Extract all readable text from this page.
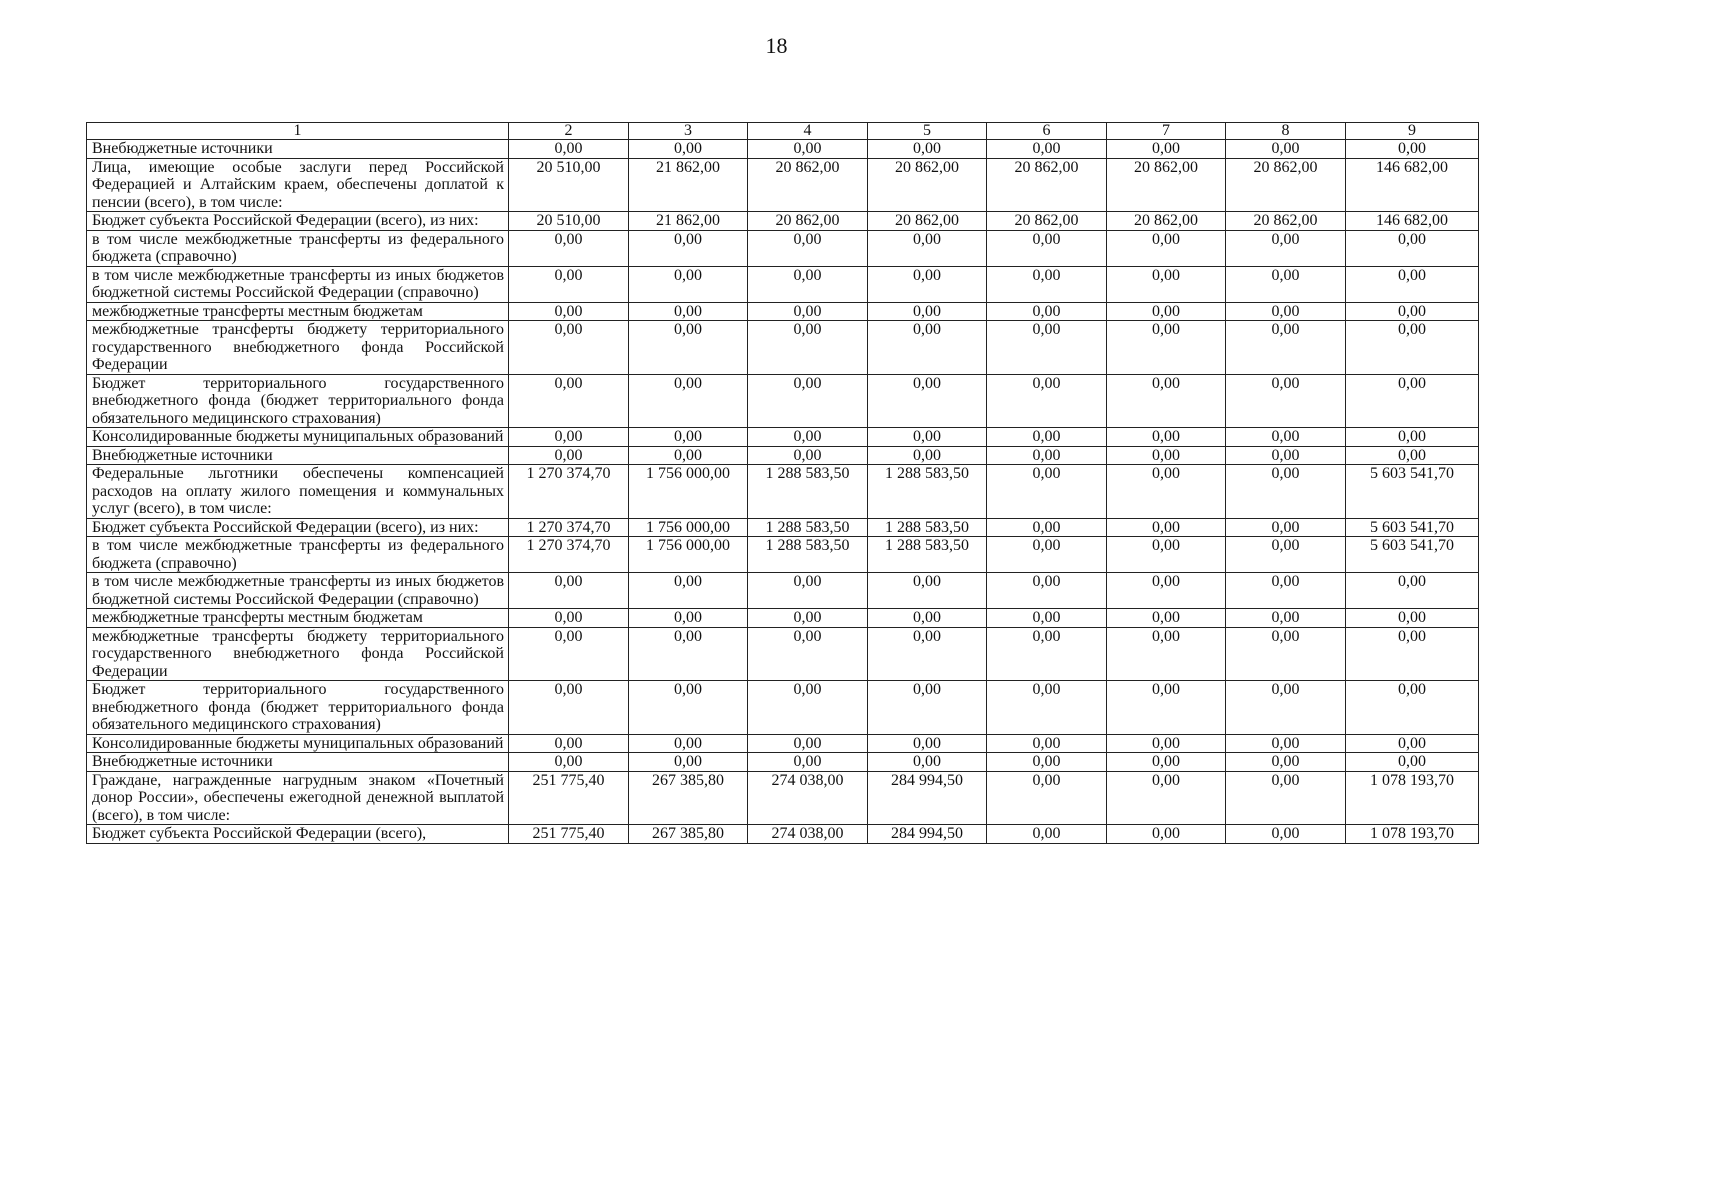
18
1	2	3	4	5	6	7	8	9
Внебюджетные источники	0,00	0,00	0,00	0,00	0,00	0,00	0,00	0,00
Лица, имеющие особые заслуги перед Российской Федерацией и Алтайским краем, обеспечены доплатой к пенсии (всего), в том числе:	20 510,00	21 862,00	20 862,00	20 862,00	20 862,00	20 862,00	20 862,00	146 682,00
Бюджет субъекта Российской Федерации (всего), из них:	20 510,00	21 862,00	20 862,00	20 862,00	20 862,00	20 862,00	20 862,00	146 682,00
в том числе межбюджетные трансферты из федерального бюджета (справочно)	0,00	0,00	0,00	0,00	0,00	0,00	0,00	0,00
в том числе межбюджетные трансферты из иных бюджетов бюджетной системы Российской Федерации (справочно)	0,00	0,00	0,00	0,00	0,00	0,00	0,00	0,00
межбюджетные трансферты местным бюджетам	0,00	0,00	0,00	0,00	0,00	0,00	0,00	0,00
межбюджетные трансферты бюджету территориального государственного внебюджетного фонда Российской Федерации	0,00	0,00	0,00	0,00	0,00	0,00	0,00	0,00
Бюджет территориального государственного внебюджетного фонда (бюджет территориального фонда обязательного медицинского страхования)	0,00	0,00	0,00	0,00	0,00	0,00	0,00	0,00
Консолидированные бюджеты муниципальных образований	0,00	0,00	0,00	0,00	0,00	0,00	0,00	0,00
Внебюджетные источники	0,00	0,00	0,00	0,00	0,00	0,00	0,00	0,00
Федеральные льготники обеспечены компенсацией расходов на оплату жилого помещения и коммунальных услуг (всего), в том числе:	1 270 374,70	1 756 000,00	1 288 583,50	1 288 583,50	0,00	0,00	0,00	5 603 541,70
Бюджет субъекта Российской Федерации (всего), из них:	1 270 374,70	1 756 000,00	1 288 583,50	1 288 583,50	0,00	0,00	0,00	5 603 541,70
в том числе межбюджетные трансферты из федерального бюджета (справочно)	1 270 374,70	1 756 000,00	1 288 583,50	1 288 583,50	0,00	0,00	0,00	5 603 541,70
в том числе межбюджетные трансферты из иных бюджетов бюджетной системы Российской Федерации (справочно)	0,00	0,00	0,00	0,00	0,00	0,00	0,00	0,00
межбюджетные трансферты местным бюджетам	0,00	0,00	0,00	0,00	0,00	0,00	0,00	0,00
межбюджетные трансферты бюджету территориального государственного внебюджетного фонда Российской Федерации	0,00	0,00	0,00	0,00	0,00	0,00	0,00	0,00
Бюджет территориального государственного внебюджетного фонда (бюджет территориального фонда обязательного медицинского страхования)	0,00	0,00	0,00	0,00	0,00	0,00	0,00	0,00
Консолидированные бюджеты муниципальных образований	0,00	0,00	0,00	0,00	0,00	0,00	0,00	0,00
Внебюджетные источники	0,00	0,00	0,00	0,00	0,00	0,00	0,00	0,00
Граждане, награжденные нагрудным знаком «Почетный донор России», обеспечены ежегодной денежной выплатой (всего), в том числе:	251 775,40	267 385,80	274 038,00	284 994,50	0,00	0,00	0,00	1 078 193,70
Бюджет субъекта Российской Федерации (всего),	251 775,40	267 385,80	274 038,00	284 994,50	0,00	0,00	0,00	1 078 193,70
